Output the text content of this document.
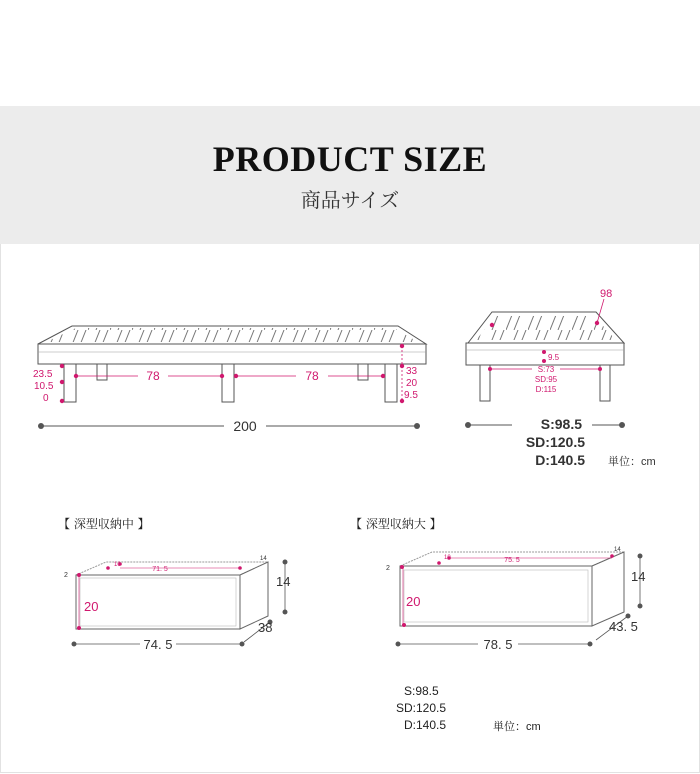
PRODUCT SIZE
商品サイズ
78	78
23.5
10.5
0
33
20
9.5
200
98
9.5
S:73
SD:95
D:115
S:98.5
SD:120.5
D:140.5 単位：cm
20
71. 5
2
10
14
14
38
74. 5
20
75. 5
2
10
14
14
43. 5
78. 5
【 深型収納中 】	【 深型収納大 】
S:98.5
SD:120.5
D:140.5	単位：cm
